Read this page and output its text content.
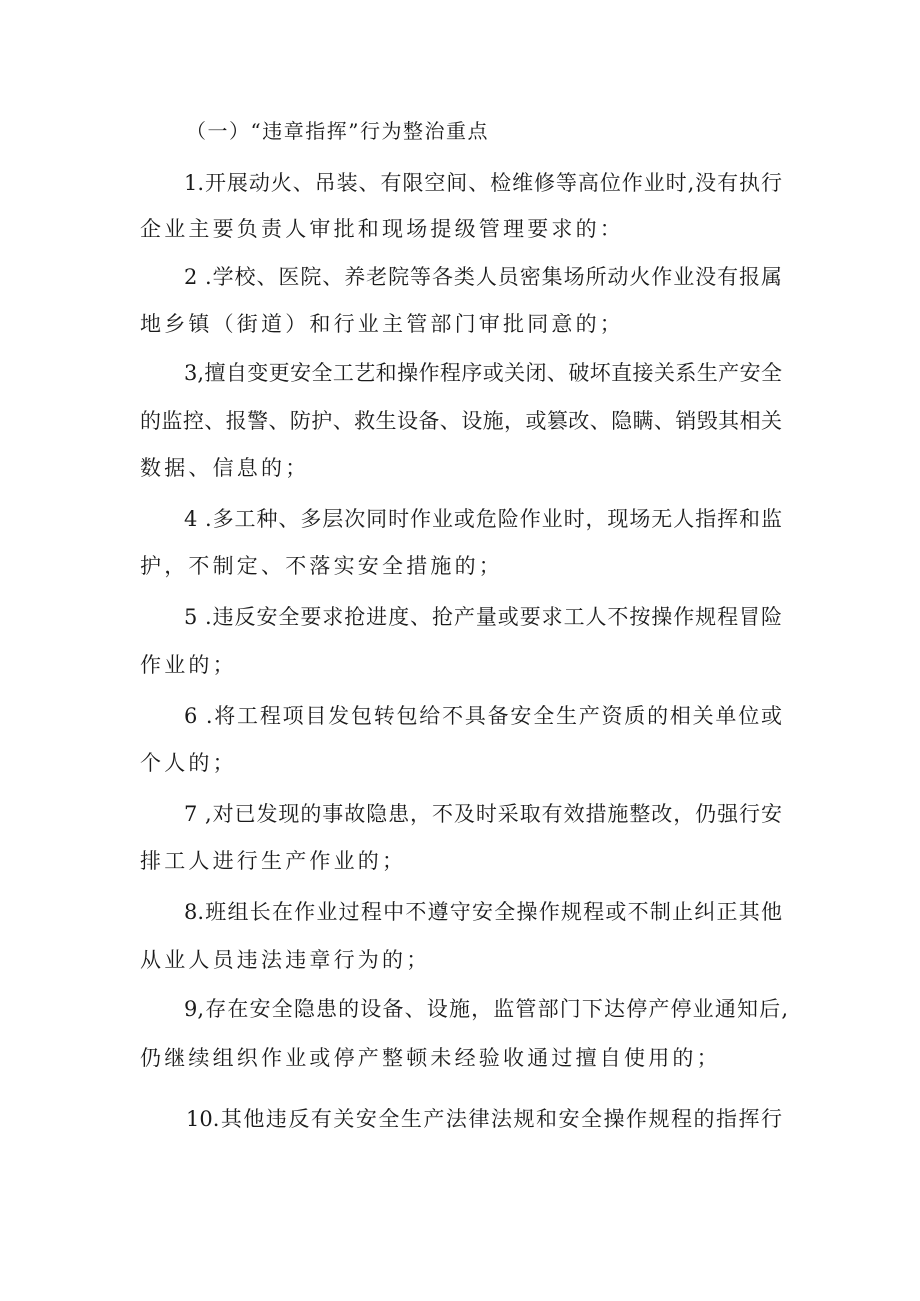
（一）“违章指挥”行为整治重点
1.开展动火、吊装、有限空间、检维修等高位作业时,没有执行
企业主要负责人审批和现场提级管理要求的：
2 .学校、医院、养老院等各类人员密集场所动火作业没有报属
地乡镇（街道）和行业主管部门审批同意的；
3,擅自变更安全工艺和操作程序或关闭、破坏直接关系生产安全
的监控、报警、防护、救生设备、设施，或篡改、隐瞒、销毁其相关
数据、信息的；
4 .多工种、多层次同时作业或危险作业时，现场无人指挥和监
护，不制定、不落实安全措施的；
5 .违反安全要求抢进度、抢产量或要求工人不按操作规程冒险
作业的；
6 .将工程项目发包转包给不具备安全生产资质的相关单位或
个人的；
7 ,对已发现的事故隐患，不及时采取有效措施整改，仍强行安
排工人进行生产作业的；
8.班组长在作业过程中不遵守安全操作规程或不制止纠正其他
从业人员违法违章行为的；
9,存在安全隐患的设备、设施，监管部门下达停产停业通知后,
仍继续组织作业或停产整顿未经验收通过擅自使用的；
10.其他违反有关安全生产法律法规和安全操作规程的指挥行
